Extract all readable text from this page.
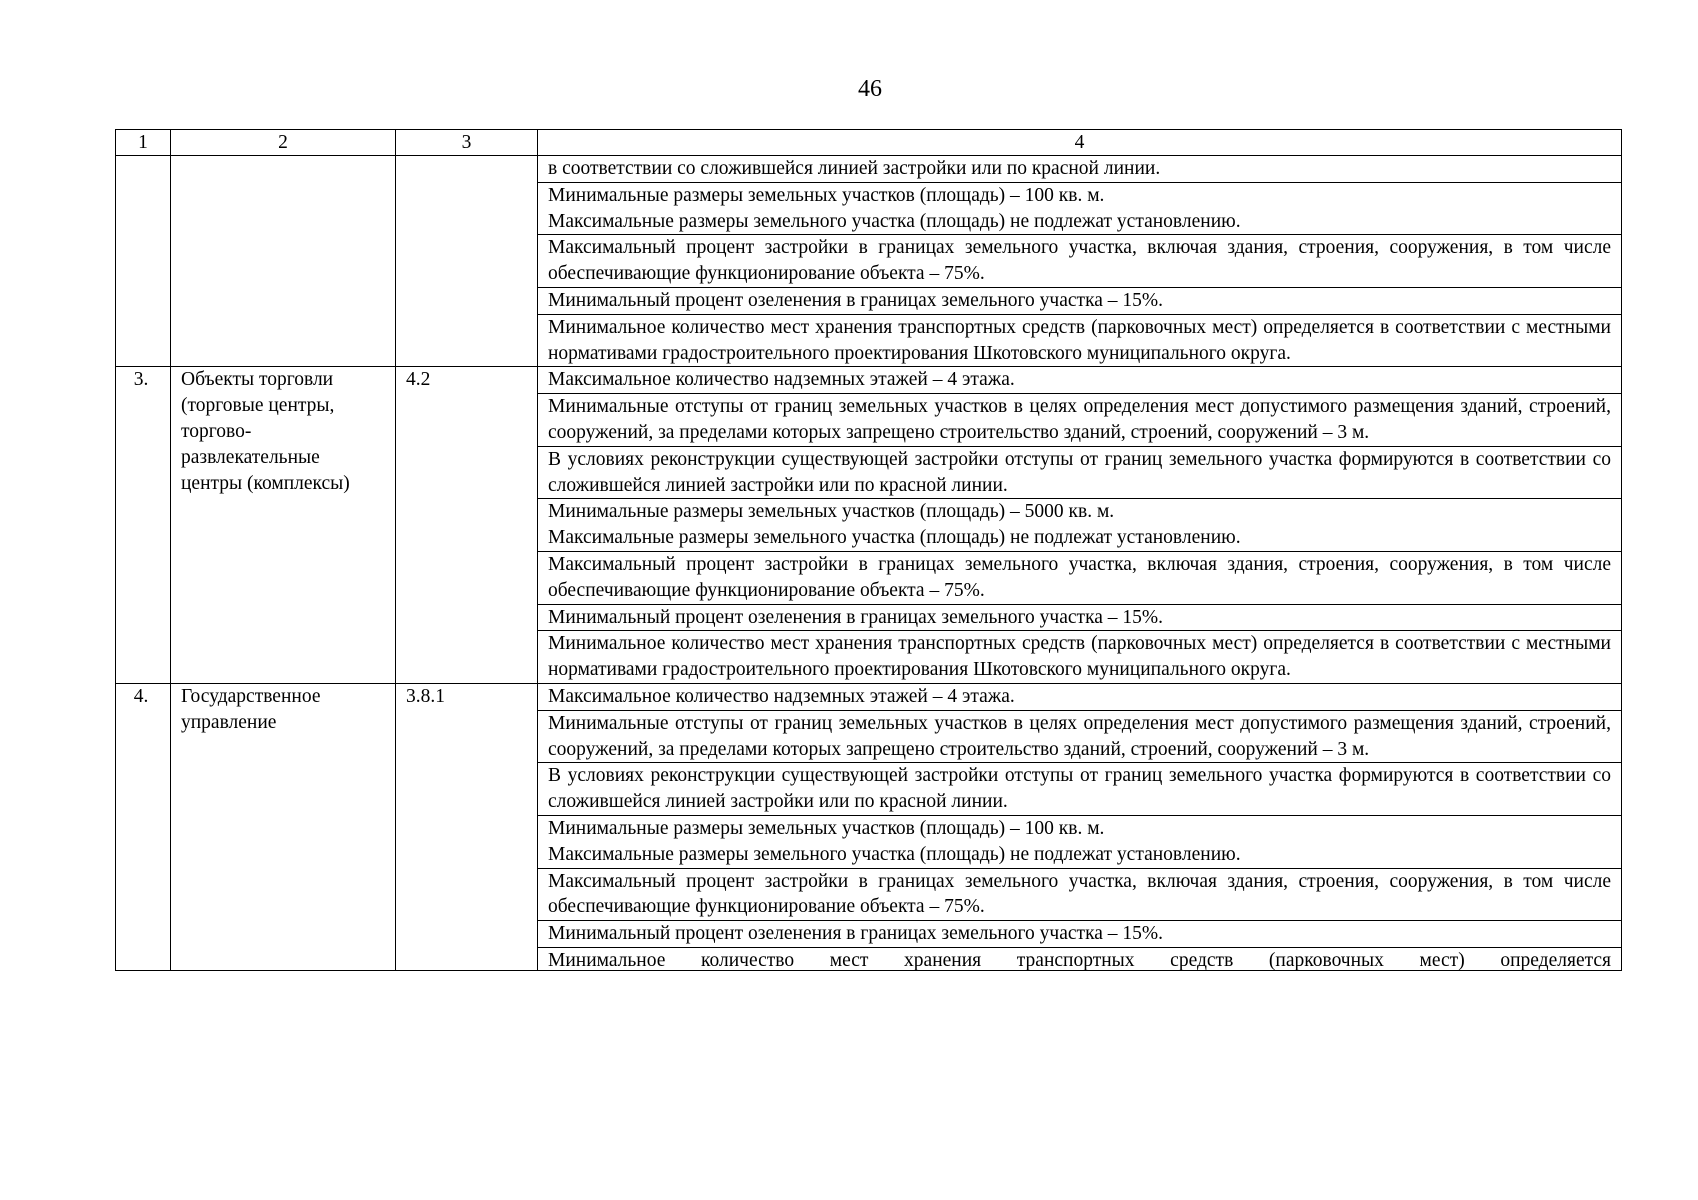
46
1	2	3	4
			в соответствии со сложившейся линией застройки или по красной линии.

			Минимальные размеры земельных участков (площадь) – 100 кв. м.
Максимальные размеры земельного участка (площадь) не подлежат установлению.

			Максимальный процент застройки в границах земельного участка, включая здания, строения, сооружения, в том числе обеспечивающие функционирование объекта – 75%.
			Минимальный процент озеленения в границах земельного участка – 15%.
			Минимальное количество мест хранения транспортных средств (парковочных мест) определяется в соответствии с местными нормативами градостроительного проектирования Шкотовского муниципального округа.
3.	Объекты торговли (торговые центры, торгово-развлекательные центры (комплексы)	4.2	Максимальное количество надземных этажей – 4 этажа.
			Минимальные отступы от границ земельных участков в целях определения мест допустимого размещения зданий, строений, сооружений, за пределами которых запрещено строительство зданий, строений, сооружений – 3 м.
			В условиях реконструкции существующей застройки отступы от границ земельного участка формируются в соответствии со сложившейся линией застройки или по красной линии.

			Минимальные размеры земельных участков (площадь) – 5000 кв. м.
Максимальные размеры земельного участка (площадь) не подлежат установлению.

			Максимальный процент застройки в границах земельного участка, включая здания, строения, сооружения, в том числе обеспечивающие функционирование объекта – 75%.
			Минимальный процент озеленения в границах земельного участка – 15%.
			Минимальное количество мест хранения транспортных средств (парковочных мест) определяется в соответствии с местными нормативами градостроительного проектирования Шкотовского муниципального округа.
4.	Государственное управление	3.8.1	Максимальное количество надземных этажей – 4 этажа.
			Минимальные отступы от границ земельных участков в целях определения мест допустимого размещения зданий, строений, сооружений, за пределами которых запрещено строительство зданий, строений, сооружений – 3 м.
			В условиях реконструкции существующей застройки отступы от границ земельного участка формируются в соответствии со сложившейся линией застройки или по красной линии.

			Минимальные размеры земельных участков (площадь) – 100 кв. м.
Максимальные размеры земельного участка (площадь) не подлежат установлению.

			Максимальный процент застройки в границах земельного участка, включая здания, строения, сооружения, в том числе обеспечивающие функционирование объекта – 75%.
			Минимальный процент озеленения в границах земельного участка – 15%.

			Минимальное количество мест хранения транспортных средств (парковочных мест) определяется
